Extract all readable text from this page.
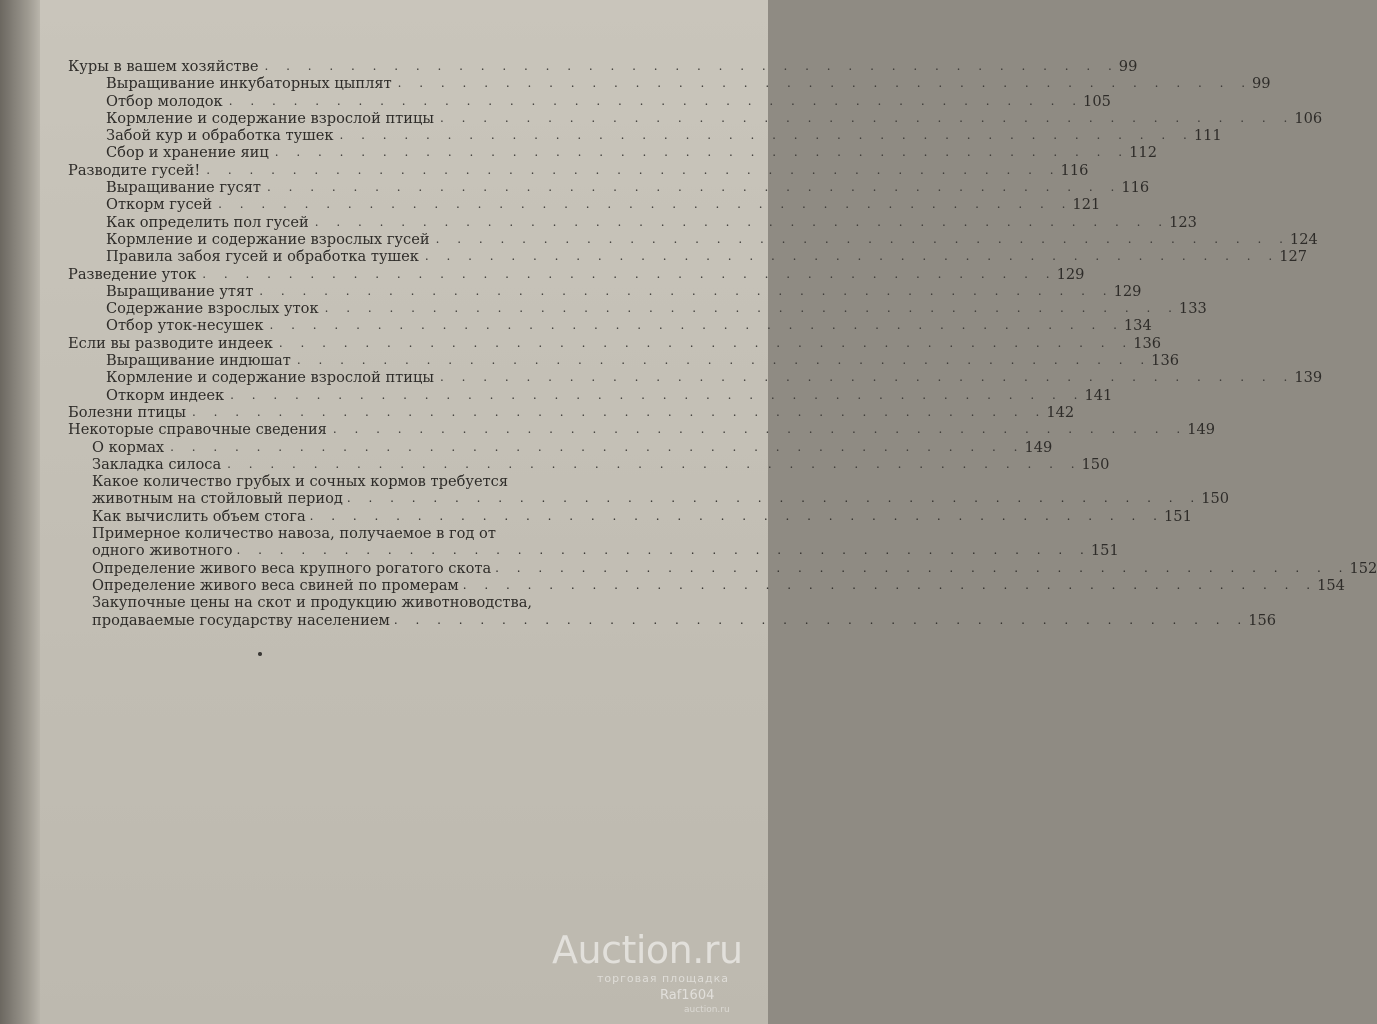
Куры в вашем хозяйстве . . . . . . . . . . . . . . . . . . . . . . . . . . . . . . . . . . . . . . . . 99
Выращивание инкубаторных цыплят . . . . . . . . . . . . . . . . . . . . . . . . . . . . . . . . . . . . . . . . 99
Отбор молодок . . . . . . . . . . . . . . . . . . . . . . . . . . . . . . . . . . . . . . . . 105
Кормление и содержание взрослой птицы . . . . . . . . . . . . . . . . . . . . . . . . . . . . . . . . . . . . . . . . 106
Забой кур и обработка тушек . . . . . . . . . . . . . . . . . . . . . . . . . . . . . . . . . . . . . . . . 111
Сбор и хранение яиц . . . . . . . . . . . . . . . . . . . . . . . . . . . . . . . . . . . . . . . . 112
Разводите гусей! . . . . . . . . . . . . . . . . . . . . . . . . . . . . . . . . . . . . . . . . 116
Выращивание гусят . . . . . . . . . . . . . . . . . . . . . . . . . . . . . . . . . . . . . . . . 116
Откорм гусей . . . . . . . . . . . . . . . . . . . . . . . . . . . . . . . . . . . . . . . . 121
Как определить пол гусей . . . . . . . . . . . . . . . . . . . . . . . . . . . . . . . . . . . . . . . . 123
Кормление и содержание взрослых гусей . . . . . . . . . . . . . . . . . . . . . . . . . . . . . . . . . . . . . . . . 124
Правила забоя гусей и обработка тушек . . . . . . . . . . . . . . . . . . . . . . . . . . . . . . . . . . . . . . . . 127
Разведение уток . . . . . . . . . . . . . . . . . . . . . . . . . . . . . . . . . . . . . . . . 129
Выращивание утят . . . . . . . . . . . . . . . . . . . . . . . . . . . . . . . . . . . . . . . . 129
Содержание взрослых уток . . . . . . . . . . . . . . . . . . . . . . . . . . . . . . . . . . . . . . . . 133
Отбор уток-несушек . . . . . . . . . . . . . . . . . . . . . . . . . . . . . . . . . . . . . . . . 134
Если вы разводите индеек . . . . . . . . . . . . . . . . . . . . . . . . . . . . . . . . . . . . . . . . 136
Выращивание индюшат . . . . . . . . . . . . . . . . . . . . . . . . . . . . . . . . . . . . . . . . 136
Кормление и содержание взрослой птицы . . . . . . . . . . . . . . . . . . . . . . . . . . . . . . . . . . . . . . . . 139
Откорм индеек . . . . . . . . . . . . . . . . . . . . . . . . . . . . . . . . . . . . . . . . 141
Болезни птицы . . . . . . . . . . . . . . . . . . . . . . . . . . . . . . . . . . . . . . . . 142
Некоторые справочные сведения . . . . . . . . . . . . . . . . . . . . . . . . . . . . . . . . . . . . . . . . 149
О кормах . . . . . . . . . . . . . . . . . . . . . . . . . . . . . . . . . . . . . . . . 149
Закладка силоса . . . . . . . . . . . . . . . . . . . . . . . . . . . . . . . . . . . . . . . . 150
Какое количество грубых и сочных кормов требуется
животным на стойловый период . . . . . . . . . . . . . . . . . . . . . . . . . . . . . . . . . . . . . . . . 150
Как вычислить объем стога . . . . . . . . . . . . . . . . . . . . . . . . . . . . . . . . . . . . . . . . 151
Примерное количество навоза, получаемое в год от
одного животного . . . . . . . . . . . . . . . . . . . . . . . . . . . . . . . . . . . . . . . . 151
Определение живого веса крупного рогатого скота . . . . . . . . . . . . . . . . . . . . . . . . . . . . . . . . . . . . . . . . 152
Определение живого веса свиней по промерам . . . . . . . . . . . . . . . . . . . . . . . . . . . . . . . . . . . . . . . . 154
Закупочные цены на скот и продукцию животноводства,
продаваемые государству населением . . . . . . . . . . . . . . . . . . . . . . . . . . . . . . . . . . . . . . . . 156
Auction.ru
торговая площадка
Raf1604
auction.ru
